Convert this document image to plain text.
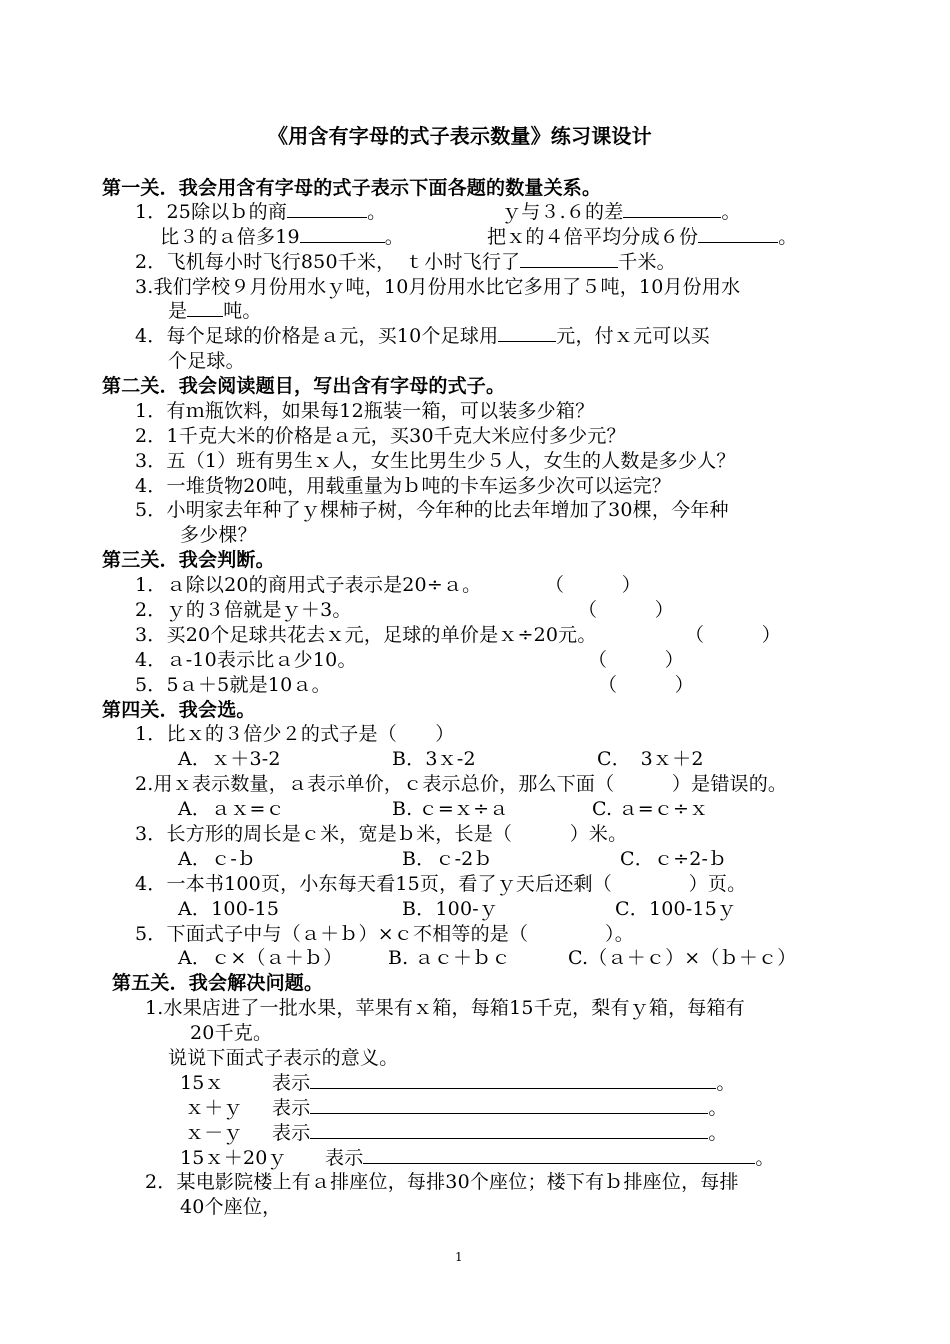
《用含有字母的式子表示数量》练习课设计
第一关．我会用含有字母的式子表示下面各题的数量关系。
1．25除以ｂ的商	。	ｙ与３.６的差	。
比３的ａ倍多19	。	把ｘ的４倍平均分成６份	。
2．飞机每小时飞行850千米，　ｔ小时飞行了	千米。
3.我们学校９月份用水ｙ吨，10月份用水比它多用了５吨，10月份用水
是 吨。
4．每个足球的价格是ａ元，买10个足球用	元，付ｘ元可以买
个足球。
第二关．我会阅读题目，写出含有字母的式子。
1．有ｍ瓶饮料，如果每12瓶装一箱，可以装多少箱？
2．1千克大米的价格是ａ元，买30千克大米应付多少元？
3．五（1）班有男生ｘ人，女生比男生少５人，女生的人数是多少人？
4．一堆货物20吨，用载重量为ｂ吨的卡车运多少次可以运完？
5．小明家去年种了ｙ棵柿子树，今年种的比去年增加了30棵，今年种
多少棵？
第三关．我会判断。
1．ａ除以20的商用式子表示是20÷ａ。	（　　　）
2．ｙ的３倍就是ｙ＋3。	（　　　）
3．买20个足球共花去ｘ元，足球的单价是ｘ÷20元。	（　　　）
4．ａ-10表示比ａ少10。	（　　　）
5．5ａ＋5就是10ａ。	（　　　）
第四关．我会选。
1．比ｘ的３倍少２的式子是（　　）
A．ｘ＋3-2	B．3ｘ-2	C．　3ｘ＋2
2.用ｘ表示数量，ａ表示单价，ｃ表示总价，那么下面（　　　）是错误的。
A．ａｘ=ｃ	B. ｃ=ｘ÷ａ	C. ａ=ｃ÷ｘ
3．长方形的周长是ｃ米，宽是ｂ米，长是（　　　）米。
A．ｃ-ｂ	B．ｃ-2ｂ	C．ｃ÷2-ｂ
4．一本书100页，小东每天看15页，看了ｙ天后还剩（　　　　）页。
A．100-15	B．100-ｙ	C．100-15ｙ
5．下面式子中与（ａ＋ｂ）×ｃ不相等的是（　　　　）。
A．ｃ×（ａ＋ｂ） B. ａｃ＋ｂｃ	C.（ａ＋ｃ）×（ｂ＋ｃ）
第五关．我会解决问题。
1.水果店进了一批水果，苹果有ｘ箱，每箱15千克，梨有ｙ箱，每箱有
20千克。
说说下面式子表示的意义。
15ｘ	表示	。
ｘ＋ｙ 表示	。
ｘ－ｙ 表示	。
15ｘ＋20ｙ 表示	。
2．某电影院楼上有ａ排座位，每排30个座位；楼下有ｂ排座位，每排
40个座位，
1
